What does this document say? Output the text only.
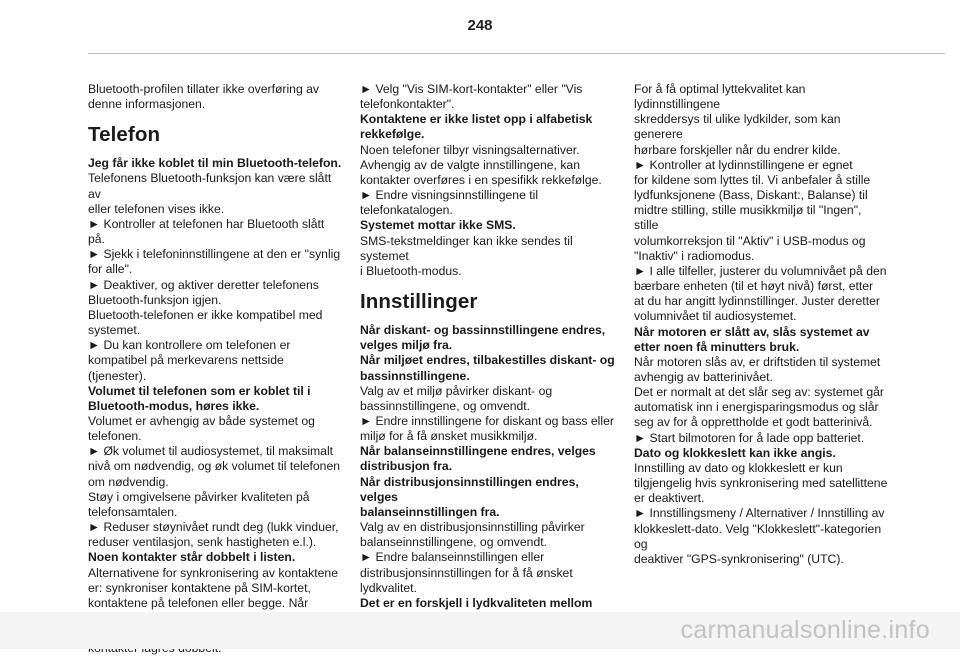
248

Bluetooth-profilen tillater ikke overføring av
denne informasjonen.

Telefon

Jeg får ikke koblet til min Bluetooth-telefon.

Telefonens Bluetooth-funksjon kan være slått av
eller telefonen vises ikke.
► Kontroller at telefonen har Bluetooth slått på.
► Sjekk i telefoninnstillingene at den er "synlig
for alle".
► Deaktiver, og aktiver deretter telefonens
Bluetooth-funksjon igjen.
Bluetooth-telefonen er ikke kompatibel med
systemet.
► Du kan kontrollere om telefonen er
kompatibel på merkevarens nettside (tjenester).

Volumet til telefonen som er koblet til i
Bluetooth-modus, høres ikke.

Volumet er avhengig av både systemet og
telefonen.
► Øk volumet til audiosystemet, til maksimalt
nivå om nødvendig, og øk volumet til telefonen
om nødvendig.
Støy i omgivelsene påvirker kvaliteten på
telefonsamtalen.
► Reduser støynivået rundt deg (lukk vinduer,
reduser ventilasjon, senk hastigheten e.l.).

Noen kontakter står dobbelt i listen.

Alternativene for synkronisering av kontaktene
er: synkroniser kontaktene på SIM-kortet,
kontaktene på telefonen eller begge. Når

► Velg "Vis SIM-kort-kontakter" eller "Vis
telefonkontakter".

Kontaktene er ikke listet opp i alfabetisk
rekkefølge.

Noen telefoner tilbyr visningsalternativer.
Avhengig av de valgte innstillingene, kan
kontakter overføres i en spesifikk rekkefølge.
► Endre visningsinnstillingene til
telefonkatalogen.

Systemet mottar ikke SMS.

SMS-tekstmeldinger kan ikke sendes til systemet
i Bluetooth-modus.

Innstillinger

Når diskant- og bassinnstillingene endres,
velges miljø fra.
Når miljøet endres, tilbakestilles diskant- og
bassinnstillingene.

Valg av et miljø påvirker diskant- og
bassinnstillingene, og omvendt.
► Endre innstillingene for diskant og bass eller
miljø for å få ønsket musikkmiljø.

Når balanseinnstillingene endres, velges
distribusjon fra.
Når distribusjonsinnstillingen endres, velges
balanseinnstillingen fra.

Valg av en distribusjonsinnstilling påvirker
balanseinnstillingene, og omvendt.
► Endre balanseinnstillingen eller
distribusjonsinnstillingen for å få ønsket
lydkvalitet.

Det er en forskjell i lydkvaliteten mellom

For å få optimal lyttekvalitet kan lydinnstillingene
skreddersys til ulike lydkilder, som kan generere
hørbare forskjeller når du endrer kilde.
► Kontroller at lydinnstillingene er egnet
for kildene som lyttes til. Vi anbefaler å stille
lydfunksjonene (Bass, Diskant:, Balanse) til
midtre stilling, stille musikkmiljø til "Ingen", stille
volumkorreksjon til "Aktiv" i USB-modus og
"Inaktiv" i radiomodus.
► I alle tilfeller, justerer du volumnivået på den
bærbare enheten (til et høyt nivå) først, etter
at du har angitt lydinnstillinger. Juster deretter
volumnivået til audiosystemet.

Når motoren er slått av, slås systemet av
etter noen få minutters bruk.

Når motoren slås av, er driftstiden til systemet
avhengig av batterinivået.
Det er normalt at det slår seg av: systemet går
automatisk inn i energisparingsmodus og slår
seg av for å opprettholde et godt batterinivå.
► Start bilmotoren for å lade opp batteriet.

Dato og klokkeslett kan ikke angis.

Innstilling av dato og klokkeslett er kun
tilgjengelig hvis synkronisering med satellittene
er deaktivert.
► Innstillingsmeny / Alternativer / Innstilling av
klokkeslett-dato. Velg "Klokkeslett"-kategorien og
deaktiver "GPS-synkronisering" (UTC).

carmanualsonline.info
